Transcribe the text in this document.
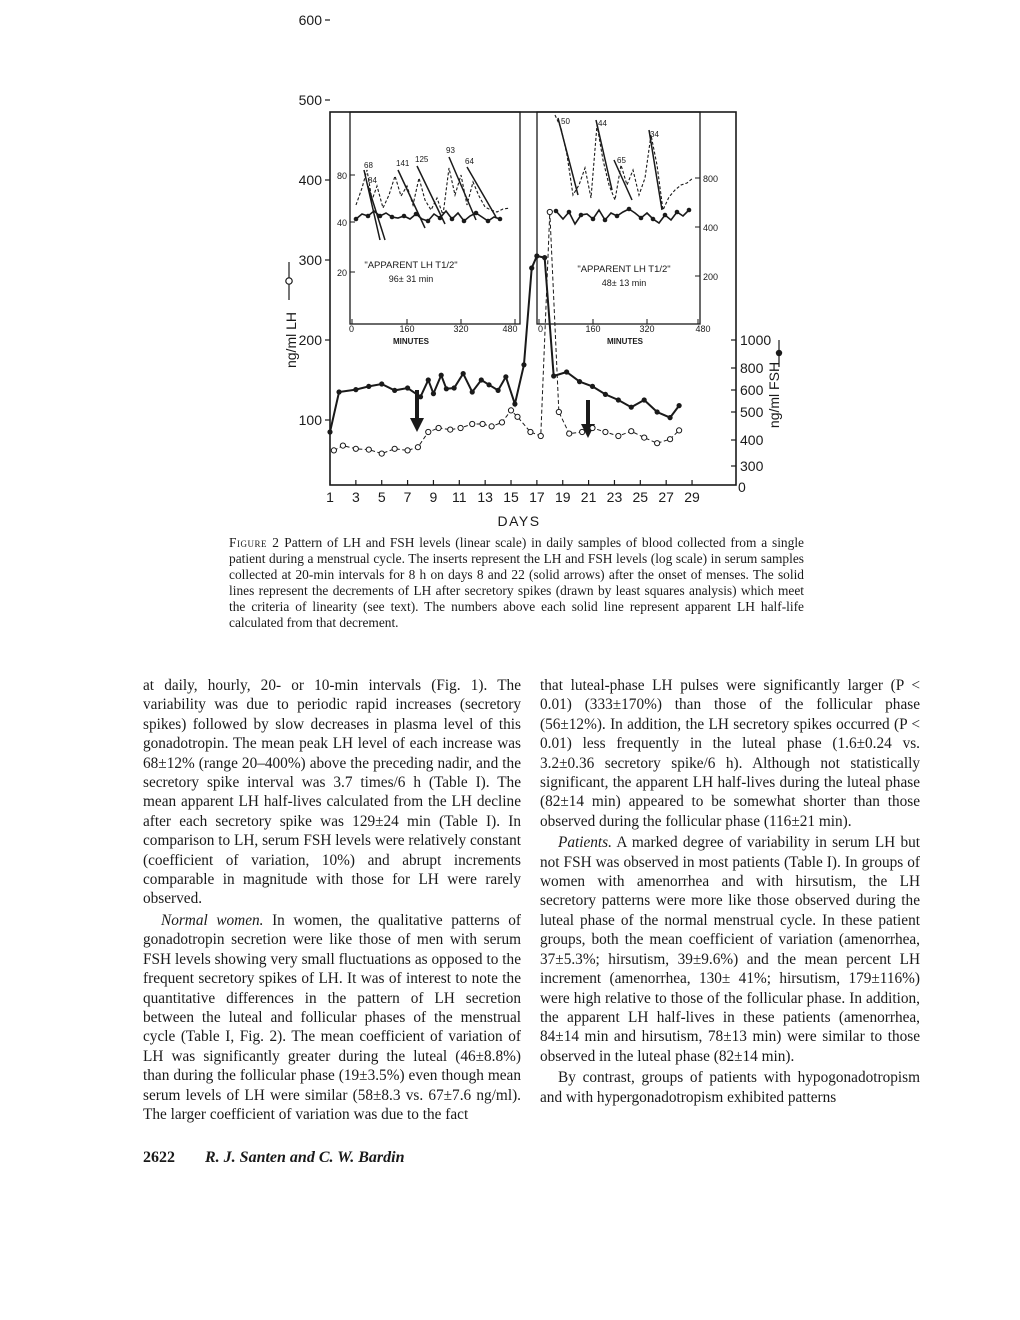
600
500
400
300
200
100
1000
800
600
500
400
300
1 3 5 7 9 11 13 15 17 19 21 23 25 27 29
ng/ml LH
ng/ml FSH
0
DAYS
80
40
20
0	160	320	480
MINUTES
"APPARENT LH T1/2"
96± 31 min
68
84
141 125
93
64
800
400
200
0	160	320	480
MINUTES
"APPARENT LH T1/2"
48± 13 min
50	44
34
65
Figure 2 Pattern of LH and FSH levels (linear scale) in daily samples of blood collected from a single patient during a menstrual cycle. The inserts represent the LH and FSH levels (log scale) in serum samples collected at 20-min intervals for 8 h on days 8 and 22 (solid arrows) after the onset of menses. The solid lines represent the decrements of LH after secretory spikes (drawn by least squares analysis) which meet the criteria of linearity (see text). The numbers above each solid line represent apparent LH half-life calculated from that decrement.

at daily, hourly, 20- or 10-min intervals (Fig. 1). The variability was due to periodic rapid increases (secretory spikes) followed by slow decreases in plasma level of this gonadotropin. The mean peak LH level of each increase was 68±12% (range 20–400%) above the preceding nadir, and the secretory spike interval was 3.7 times/6 h (Table I). The mean apparent LH half-lives calculated from the LH decline after each secretory spike was 129±24 min (Table I). In comparison to LH, serum FSH levels were relatively constant (coefficient of variation, 10%) and abrupt increments comparable in magnitude with those for LH were rarely observed.

Normal women. In women, the qualitative patterns of gonadotropin secretion were like those of men with serum FSH levels showing very small fluctuations as opposed to the frequent secretory spikes of LH. It was of interest to note the quantitative differences in the pattern of LH secretion between the luteal and follicular phases of the menstrual cycle (Table I, Fig. 2). The mean coefficient of variation of LH was significantly greater during the luteal (46±8.8%) than during the follicular phase (19±3.5%) even though mean serum levels of LH were similar (58±8.3 vs. 67±7.6 ng/ml). The larger coefficient of variation was due to the fact

that luteal-phase LH pulses were significantly larger (P < 0.01) (333±170%) than those of the follicular phase (56±12%). In addition, the LH secretory spikes occurred (P < 0.01) less frequently in the luteal phase (1.6±0.24 vs. 3.2±0.36 secretory spike/6 h). Although not statistically significant, the apparent LH half-lives during the luteal phase (82±14 min) appeared to be somewhat shorter than those observed during the follicular phase (116±21 min).

Patients. A marked degree of variability in serum LH but not FSH was observed in most patients (Table I). In groups of women with amenorrhea and with hirsutism, the LH secretory patterns were more like those observed during the luteal phase of the normal menstrual cycle. In these patient groups, both the mean coefficient of variation (amenorrhea, 37±5.3%; hirsutism, 39±9.6%) and the mean percent LH increment (amenorrhea, 130± 41%; hirsutism, 179±116%) were high relative to those of the follicular phase. In addition, the apparent LH half-lives in these patients (amenorrhea, 84±14 min and hirsutism, 78±13 min) were similar to those observed in the luteal phase (82±14 min).

By contrast, groups of patients with hypogonadotropism and with hypergonadotropism exhibited patterns

2622 R. J. Santen and C. W. Bardin
